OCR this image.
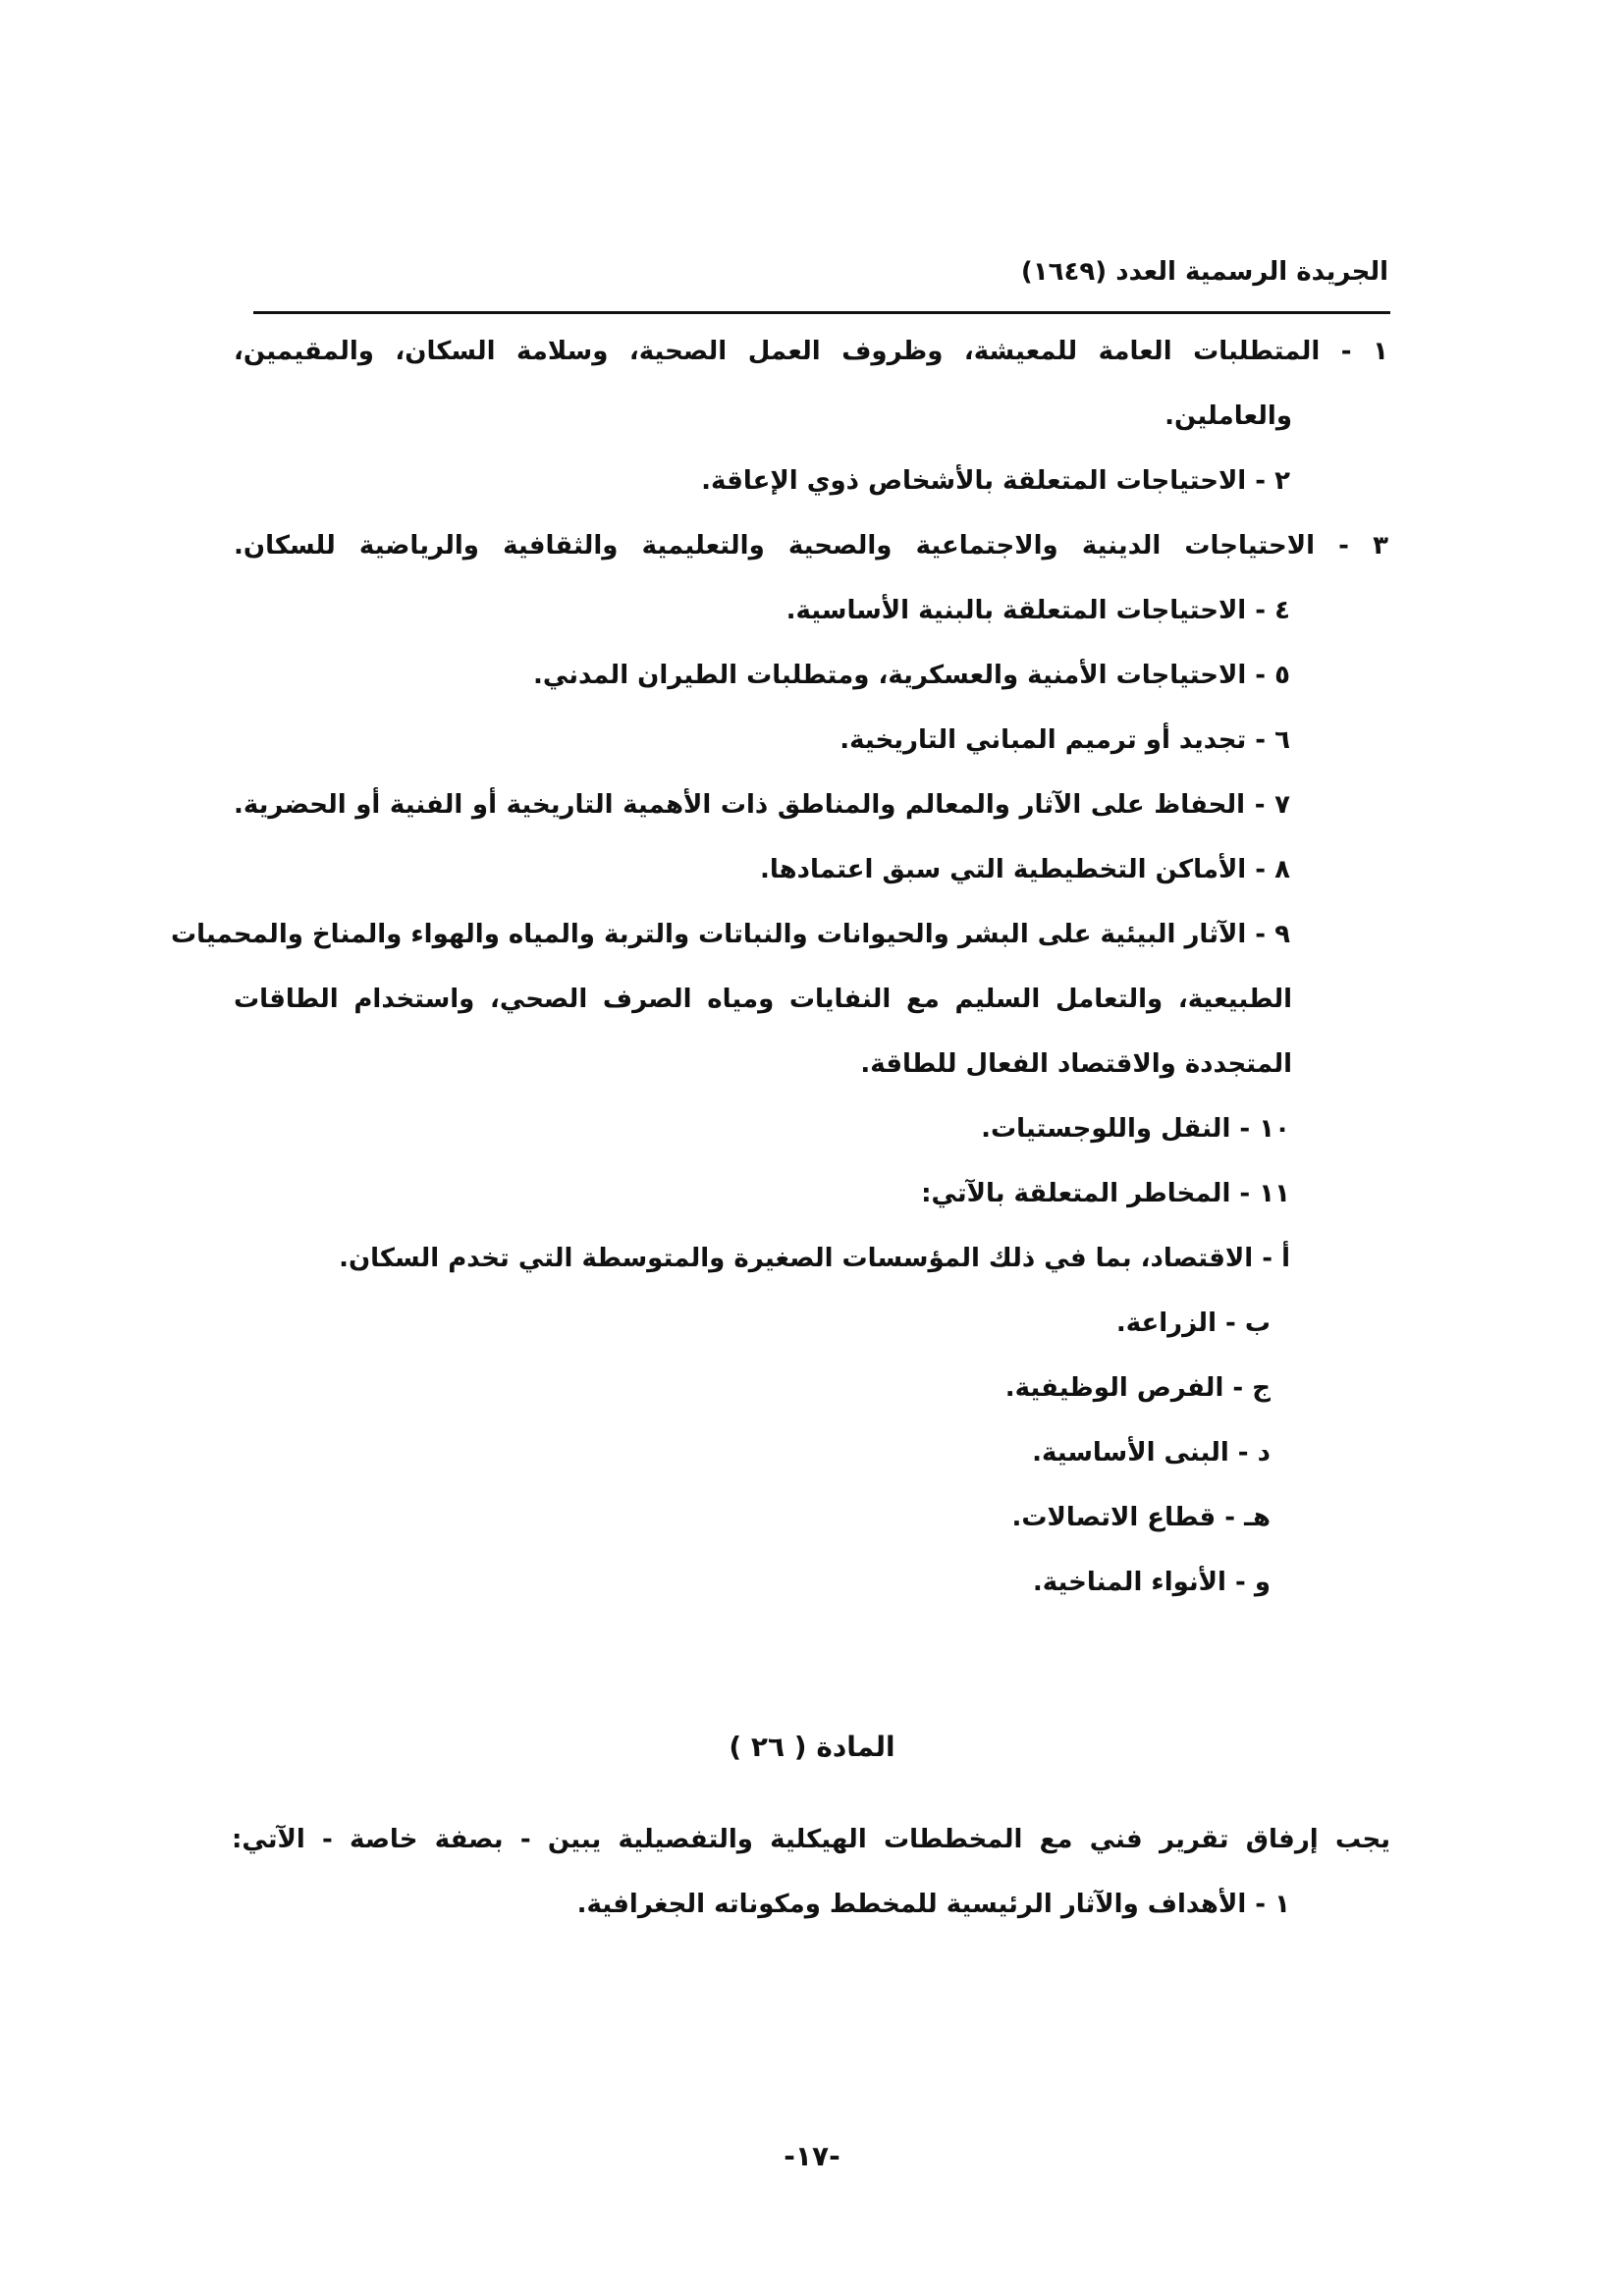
الجريدة الرسمية العدد (١٦٤٩)
١ - المتطلبات العامة للمعيشة، وظروف العمل الصحية، وسلامة السكان، والمقيمين،
والعاملين.
٢ - الاحتياجات المتعلقة بالأشخاص ذوي الإعاقة.
٣ - الاحتياجات الدينية والاجتماعية والصحية والتعليمية والثقافية والرياضية للسكان.
٤ - الاحتياجات المتعلقة بالبنية الأساسية.
٥ - الاحتياجات الأمنية والعسكرية، ومتطلبات الطيران المدني.
٦ - تجديد أو ترميم المباني التاريخية.
٧ - الحفاظ على الآثار والمعالم والمناطق ذات الأهمية التاريخية أو الفنية أو الحضرية.
٨ - الأماكن التخطيطية التي سبق اعتمادها.
٩ - الآثار البيئية على البشر والحيوانات والنباتات والتربة والمياه والهواء والمناخ والمحميات
الطبيعية، والتعامل السليم مع النفايات ومياه الصرف الصحي، واستخدام الطاقات
المتجددة والاقتصاد الفعال للطاقة.
١٠ - النقل واللوجستيات.
١١ - المخاطر المتعلقة بالآتي:
أ - الاقتصاد، بما في ذلك المؤسسات الصغيرة والمتوسطة التي تخدم السكان.
ب - الزراعة.
ج - الفرص الوظيفية.
د - البنى الأساسية.
هـ - قطاع الاتصالات.
و - الأنواء المناخية.
المادة ( ٢٦ )
يجب إرفاق تقرير فني مع المخططات الهيكلية والتفصيلية يبين - بصفة خاصة - الآتي:
١ - الأهداف والآثار الرئيسية للمخطط ومكوناته الجغرافية.
-١٧-
